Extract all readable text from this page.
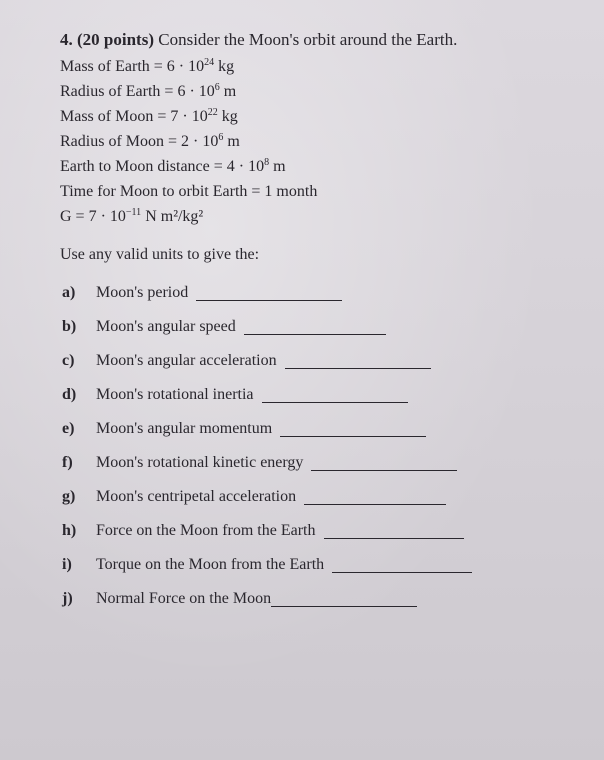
4. (20 points) Consider the Moon's orbit around the Earth.
Mass of Earth = $6 \cdot 10^{24}$ kg
Radius of Earth = $6 \cdot 10^6$ m
Mass of Moon = $7 \cdot 10^{22}$ kg
Radius of Moon = $2 \cdot 10^6$ m
Earth to Moon distance = $4 \cdot 10^8$ m
Time for Moon to orbit Earth = 1 month
$G = 7 \cdot 10^{-11}$ N m²/kg²
Use any valid units to give the:
a)	Moon's period
b)	Moon's angular speed
c)	Moon's angular acceleration
d)	Moon's rotational inertia
e)	Moon's angular momentum
f)	Moon's rotational kinetic energy
g)	Moon's centripetal acceleration
h)	Force on the Moon from the Earth
i)	Torque on the Moon from the Earth
j)	Normal Force on the Moon
